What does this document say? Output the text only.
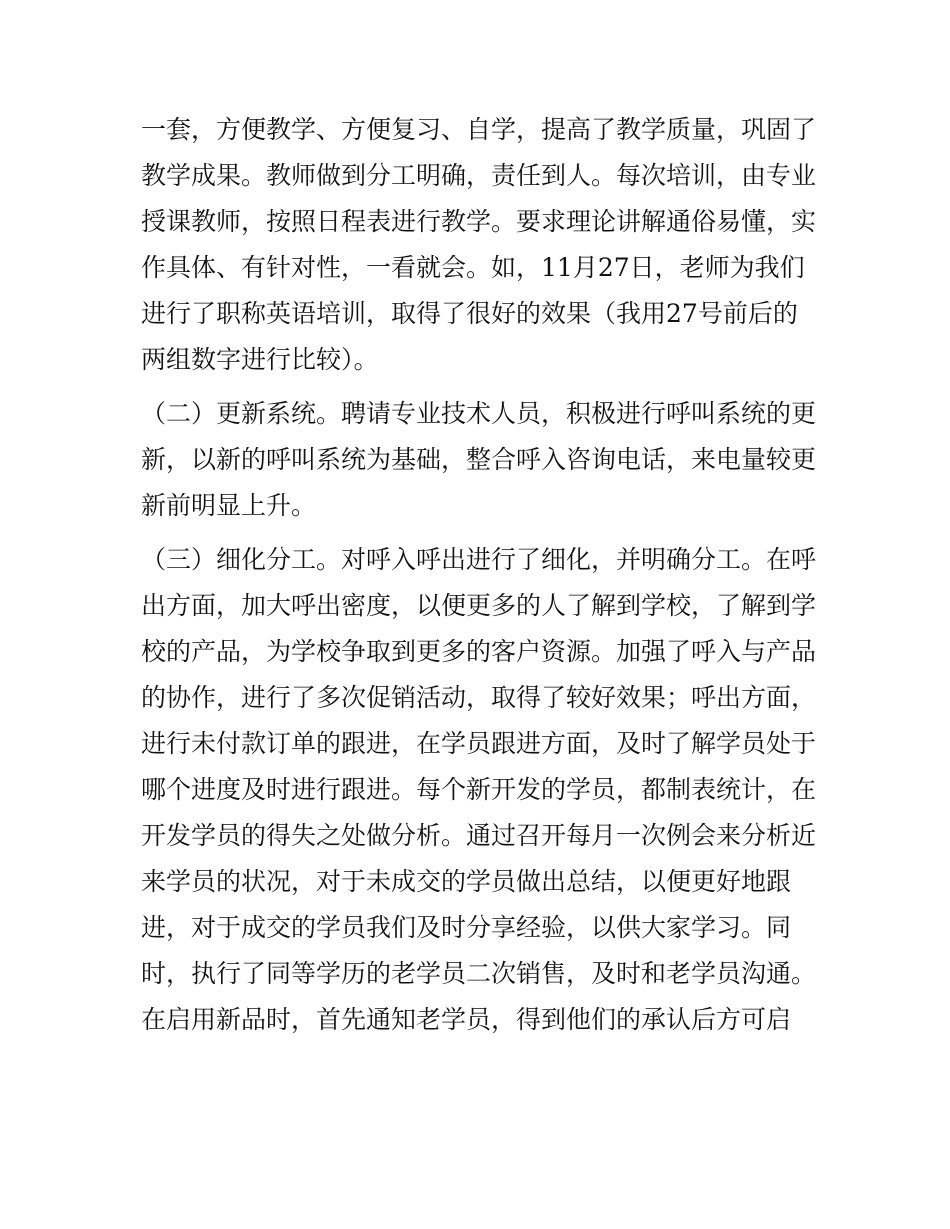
一套，方便教学、方便复习、自学，提高了教学质量，巩固了
教学成果。教师做到分工明确，责任到人。每次培训，由专业
授课教师，按照日程表进行教学。要求理论讲解通俗易懂，实
作具体、有针对性，一看就会。如，11月27日，老师为我们
进行了职称英语培训，取得了很好的效果（我用27号前后的
两组数字进行比较）。
（二）更新系统。聘请专业技术人员，积极进行呼叫系统的更
新，以新的呼叫系统为基础，整合呼入咨询电话，来电量较更
新前明显上升。
（三）细化分工。对呼入呼出进行了细化，并明确分工。在呼
出方面，加大呼出密度，以便更多的人了解到学校，了解到学
校的产品，为学校争取到更多的客户资源。加强了呼入与产品
的协作，进行了多次促销活动，取得了较好效果；呼出方面，
进行未付款订单的跟进，在学员跟进方面，及时了解学员处于
哪个进度及时进行跟进。每个新开发的学员，都制表统计，在
开发学员的得失之处做分析。通过召开每月一次例会来分析近
来学员的状况，对于未成交的学员做出总结，以便更好地跟
进，对于成交的学员我们及时分享经验，以供大家学习。同
时，执行了同等学历的老学员二次销售，及时和老学员沟通。
在启用新品时，首先通知老学员，得到他们的承认后方可启
